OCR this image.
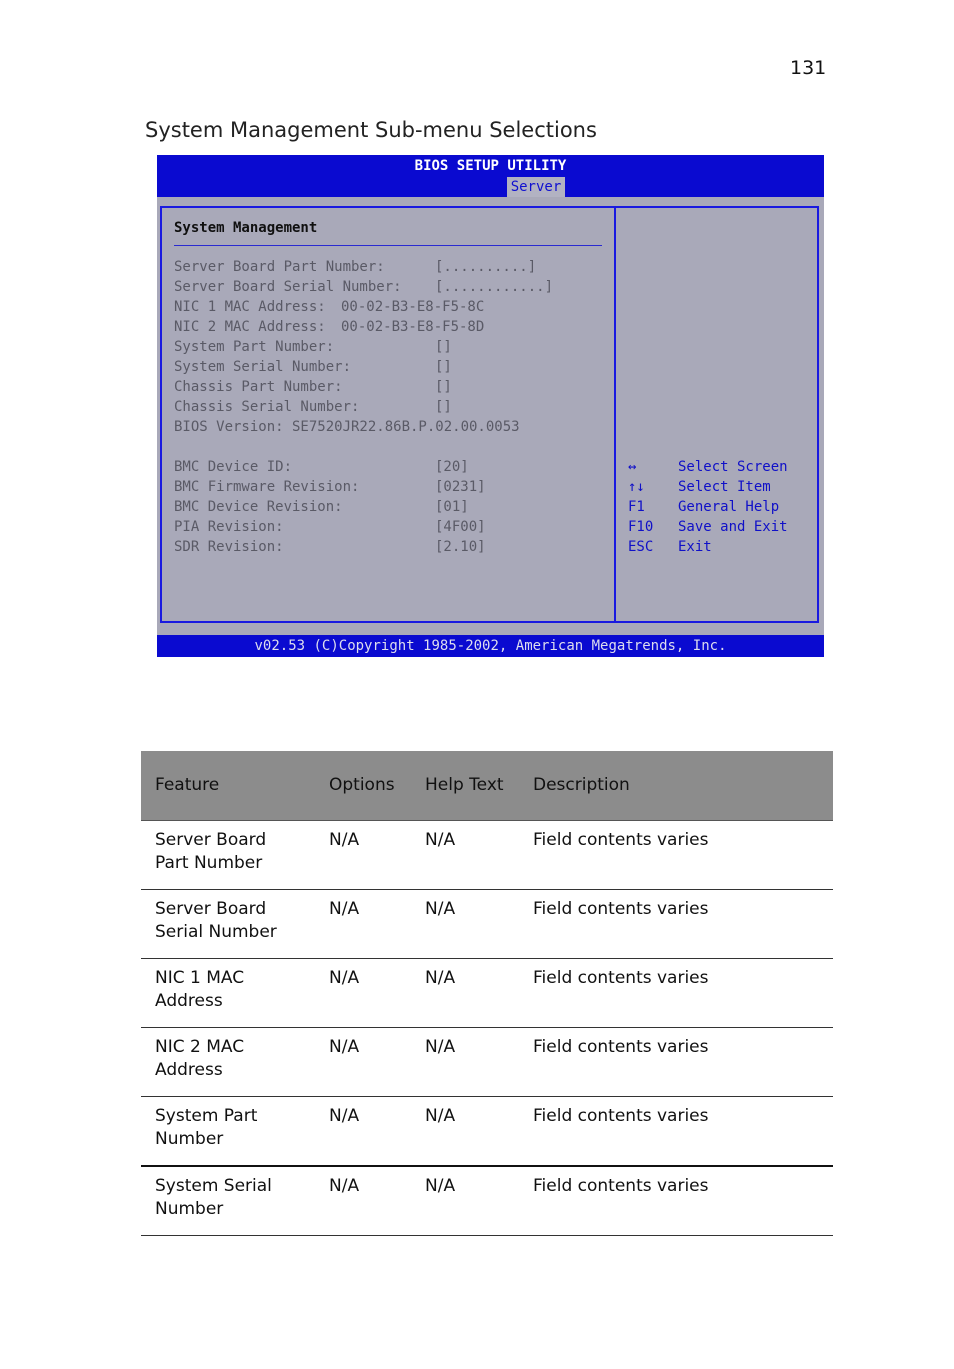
131
System Management Sub-menu Selections
BIOS SETUP UTILITY
Server
System Management
Server Board Part Number:	[..........]
Server Board Serial Number: [............]
NIC 1 MAC Address: 00-02-B3-E8-F5-8C
NIC 2 MAC Address: 00-02-B3-E8-F5-8D
System Part Number:	[]
System Serial Number:	[]
Chassis Part Number:	[]
Chassis Serial Number:	[]
BIOS Version: SE7520JR22.86B.P.02.00.0053
BMC Device ID:	[20]
BMC Firmware Revision:	[0231]
BMC Device Revision:	[01]
PIA Revision:	[4F00]
SDR Revision:	[2.10]
↔	Select Screen
↑↓ Select Item
F1 General Help
F10 Save and Exit
ESC Exit
v02.53 (C)Copyright 1985-2002, American Megatrends, Inc.
Feature	Options	Help Text	Description
Server Board Part Number	N/A	N/A	Field contents varies
Server Board Serial Number	N/A	N/A	Field contents varies
NIC 1 MAC Address	N/A	N/A	Field contents varies
NIC 2 MAC Address	N/A	N/A	Field contents varies
System Part Number	N/A	N/A	Field contents varies
System Serial Number	N/A	N/A	Field contents varies
